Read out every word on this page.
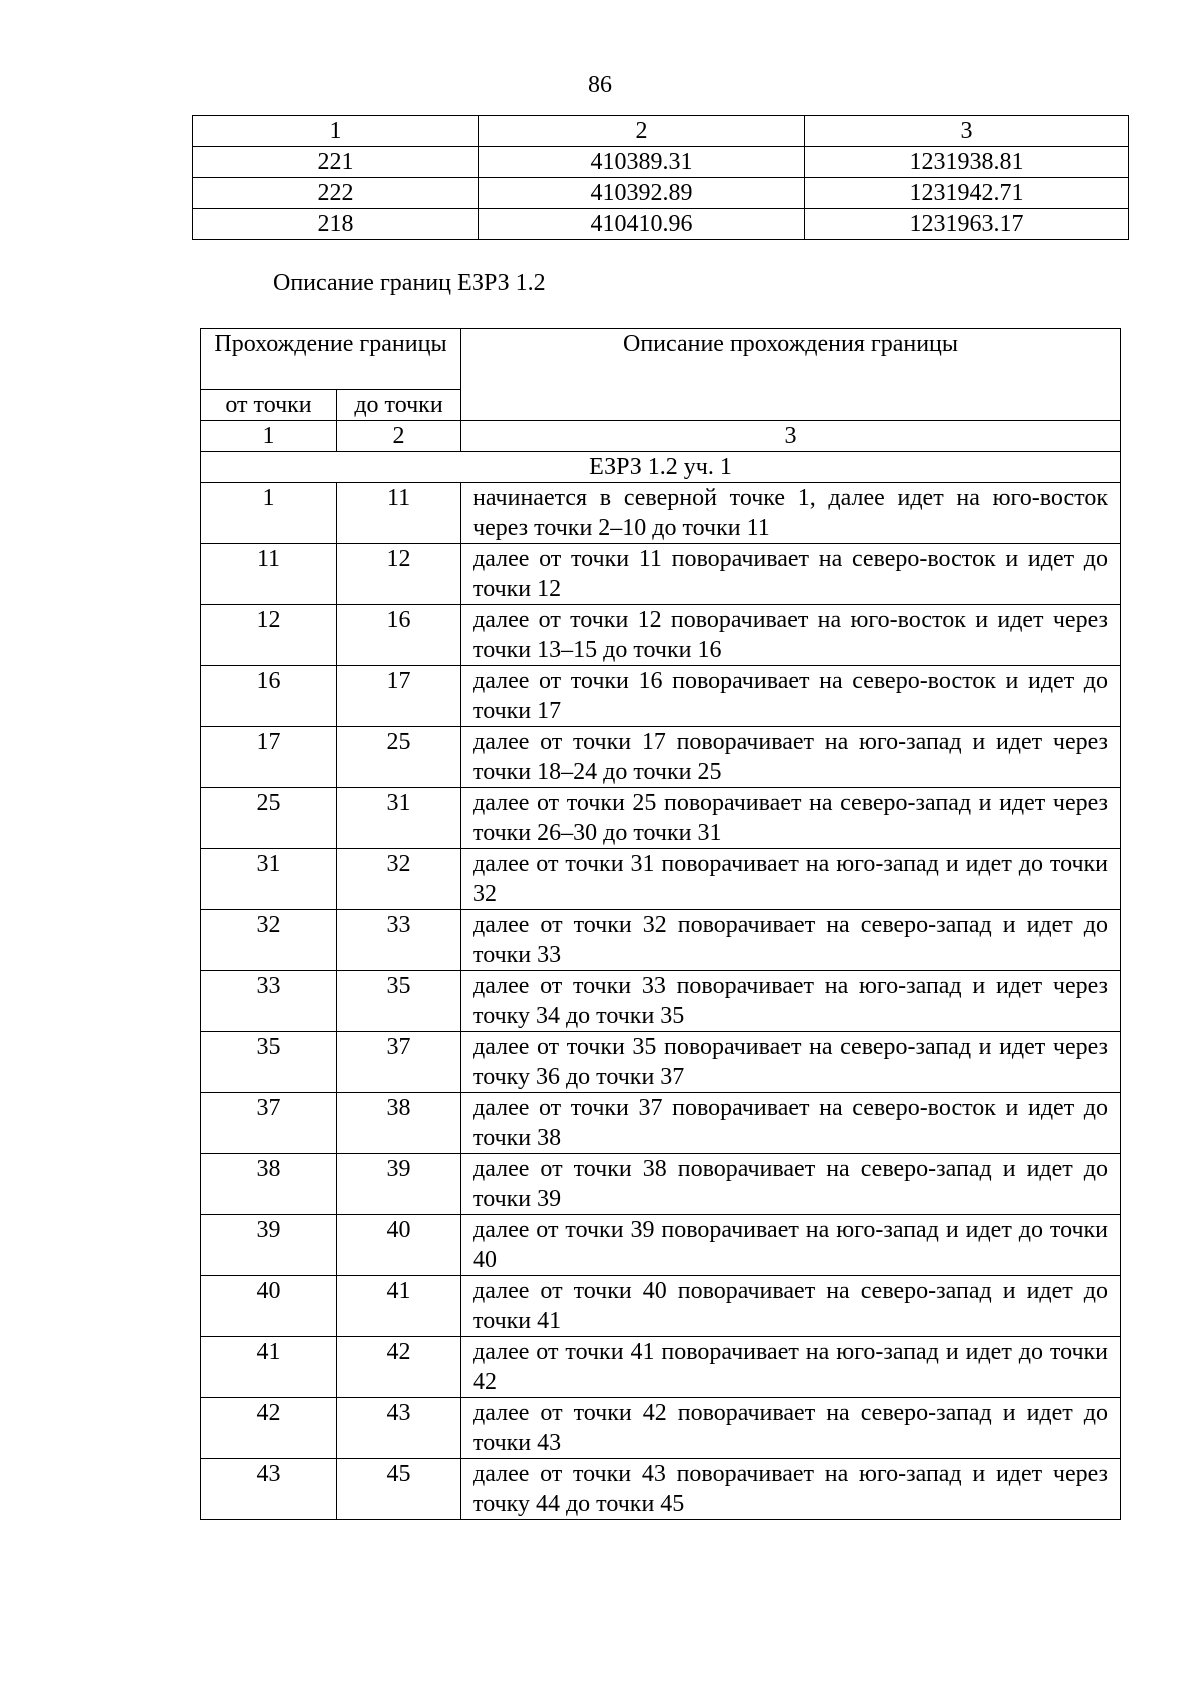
86
1	2	3
221	410389.31	1231938.81
222	410392.89	1231942.71
218	410410.96	1231963.17
Описание границ ЕЗРЗ 1.2
Прохождение границы		Описание прохождения границы
от точки	до точки	
1	2	3
ЕЗРЗ 1.2 уч. 1		
1	11	начинается в северной точке 1, далее идет на юго-восток через точки 2–10 до точки 11
11	12	далее от точки 11 поворачивает на северо-восток и идет до точки 12
12	16	далее от точки 12 поворачивает на юго-восток и идет через точки 13–15 до точки 16
16	17	далее от точки 16 поворачивает на северо-восток и идет до точки 17
17	25	далее от точки 17 поворачивает на юго-запад и идет через точки 18–24 до точки 25
25	31	далее от точки 25 поворачивает на северо-запад и идет через точки 26–30 до точки 31
31	32	далее от точки 31 поворачивает на юго-запад и идет до точки 32
32	33	далее от точки 32 поворачивает на северо-запад и идет до точки 33
33	35	далее от точки 33 поворачивает на юго-запад и идет через точку 34 до точки 35
35	37	далее от точки 35 поворачивает на северо-запад и идет через точку 36 до точки 37
37	38	далее от точки 37 поворачивает на северо-восток и идет до точки 38
38	39	далее от точки 38 поворачивает на северо-запад и идет до точки 39
39	40	далее от точки 39 поворачивает на юго-запад и идет до точки 40
40	41	далее от точки 40 поворачивает на северо-запад и идет до точки 41
41	42	далее от точки 41 поворачивает на юго-запад и идет до точки 42
42	43	далее от точки 42 поворачивает на северо-запад и идет до точки 43
43	45	далее от точки 43 поворачивает на юго-запад и идет через точку 44 до точки 45
